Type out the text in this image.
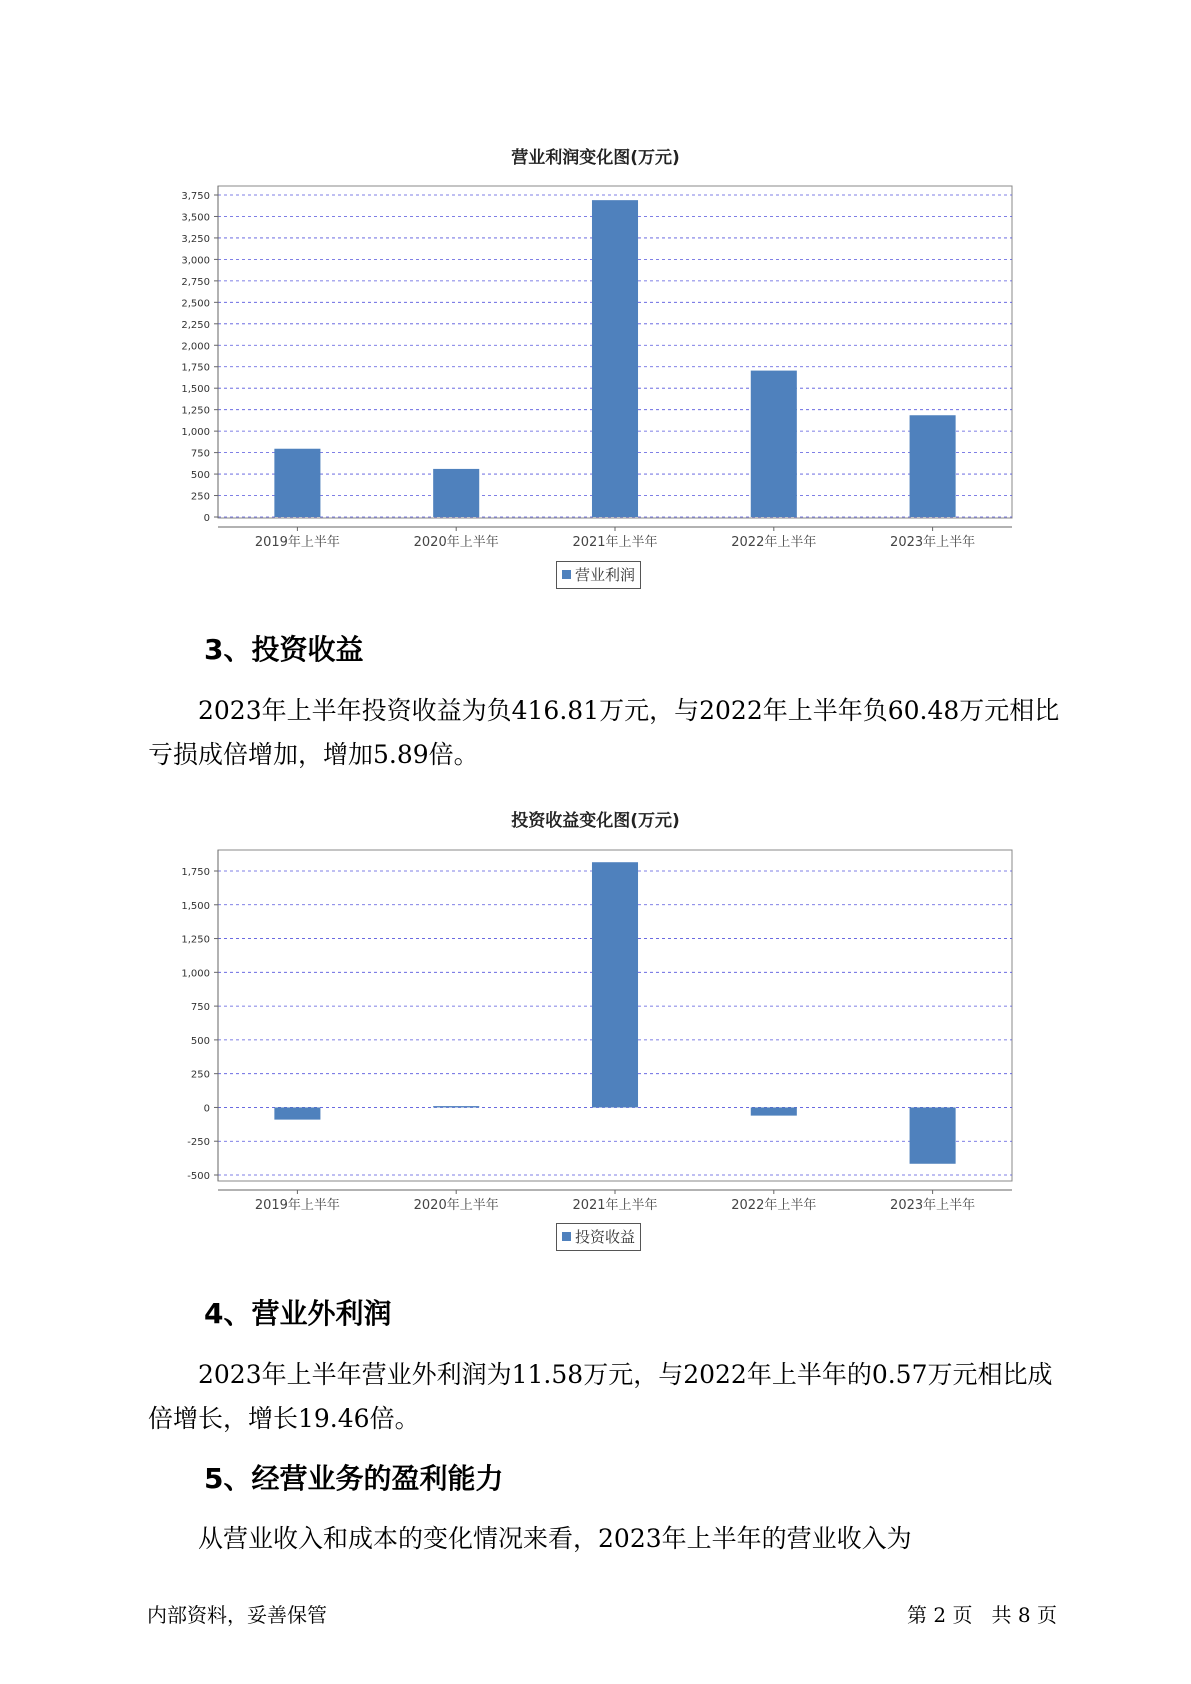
营业利润变化图(万元)
0
250
500
750
1,000
1,250
1,500
1,750
2,000
2,250
2,500
2,750
3,000
3,250
3,500
3,750
2019年上半年	2020年上半年	2021年上半年	2022年上半年	2023年上半年
营业利润
3、投资收益

2023年上半年投资收益为负416.81万元，与2022年上半年负60.48万元相比亏损成倍增加，增加5.89倍。

投资收益变化图(万元)
-500
-250
0
250
500
750
1,000
1,250
1,500
1,750
2019年上半年	2020年上半年	2021年上半年	2022年上半年	2023年上半年
投资收益
4、营业外利润

2023年上半年营业外利润为11.58万元，与2022年上半年的0.57万元相比成倍增长，增长19.46倍。

5、经营业务的盈利能力

从营业收入和成本的变化情况来看，2023年上半年的营业收入为

内部资料，妥善保管	第 2 页   共 8 页
